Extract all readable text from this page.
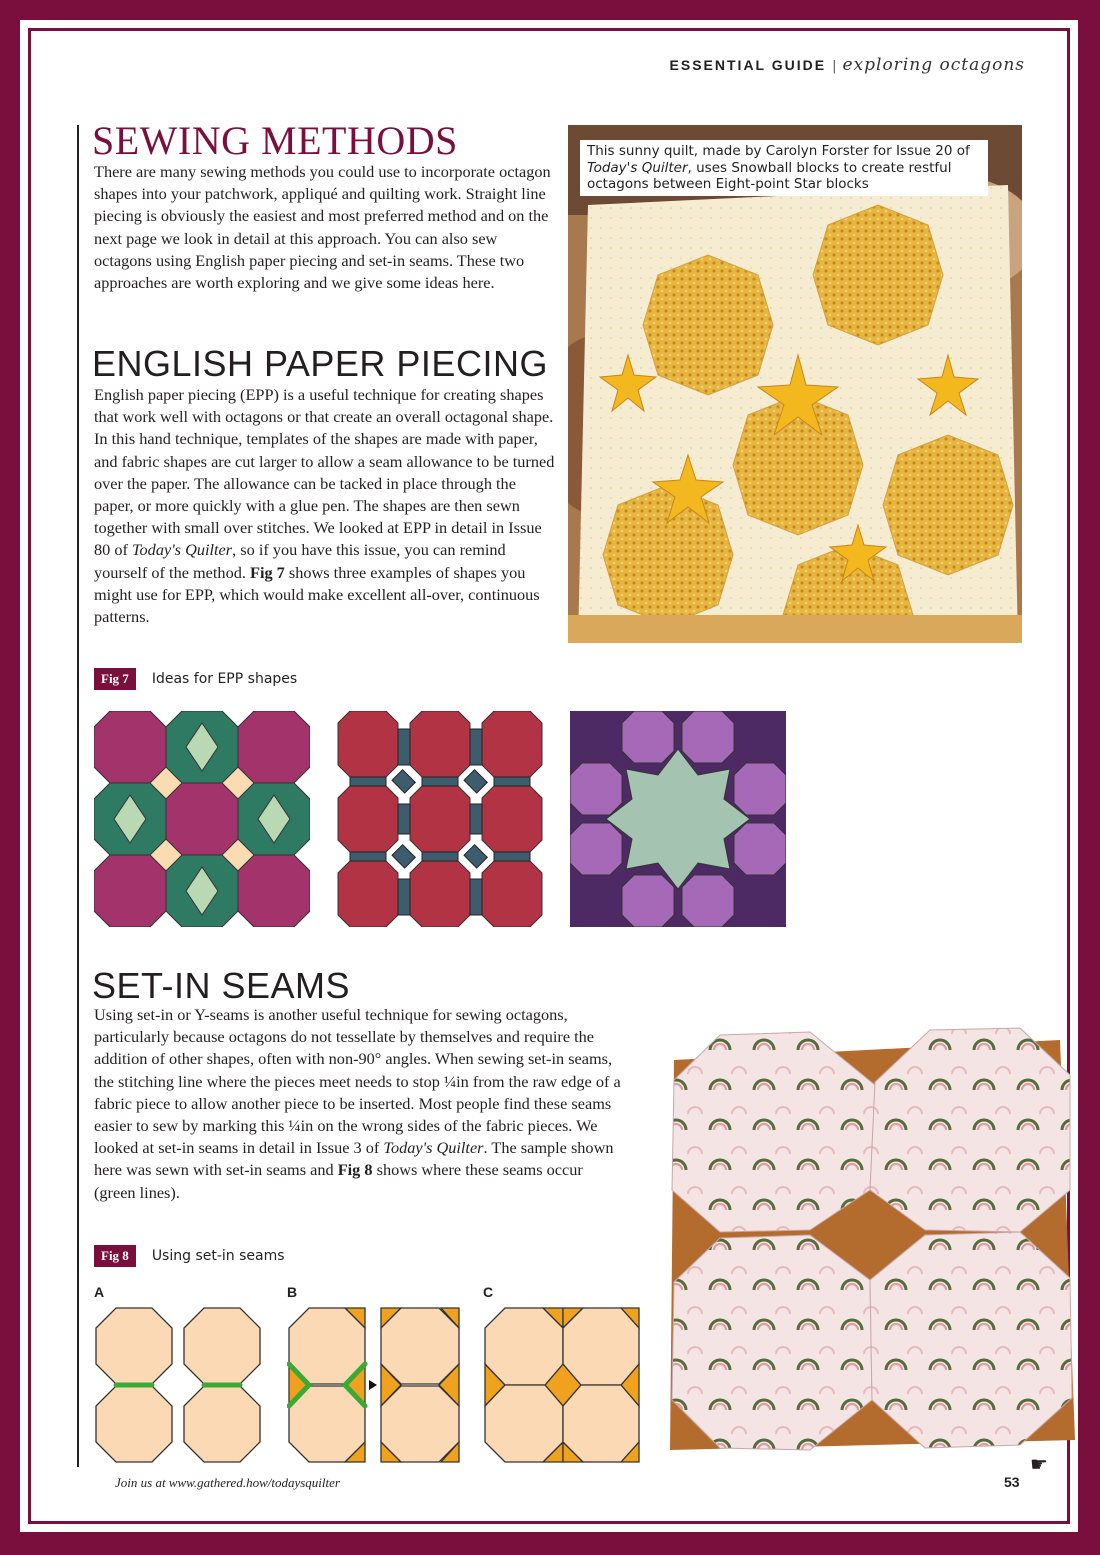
ESSENTIAL GUIDE | exploring octagons
SEWING METHODS
There are many sewing methods you could use to incorporate octagon shapes into your patchwork, appliqué and quilting work. Straight line piecing is obviously the easiest and most preferred method and on the next page we look in detail at this approach. You can also sew octagons using English paper piecing and set-in seams. These two approaches are worth exploring and we give some ideas here.
This sunny quilt, made by Carolyn Forster for Issue 20 of Today's Quilter, uses Snowball blocks to create restful octagons between Eight-point Star blocks
ENGLISH PAPER PIECING
English paper piecing (EPP) is a useful technique for creating shapes that work well with octagons or that create an overall octagonal shape. In this hand technique, templates of the shapes are made with paper, and fabric shapes are cut larger to allow a seam allowance to be turned over the paper. The allowance can be tacked in place through the paper, or more quickly with a glue pen. The shapes are then sewn together with small over stitches. We looked at EPP in detail in Issue 80 of Today's Quilter, so if you have this issue, you can remind yourself of the method. Fig 7 shows three examples of shapes you might use for EPP, which would make excellent all-over, continuous patterns.
Fig 7	Ideas for EPP shapes
SET-IN SEAMS
Using set-in or Y-seams is another useful technique for sewing octagons, particularly because octagons do not tessellate by themselves and require the addition of other shapes, often with non-90° angles. When sewing set-in seams, the stitching line where the pieces meet needs to stop ¼in from the raw edge of a fabric piece to allow another piece to be inserted. Most people find these seams easier to sew by marking this ¼in on the wrong sides of the fabric pieces. We looked at set-in seams in detail in Issue 3 of Today's Quilter. The sample shown here was sewn with set-in seams and Fig 8 shows where these seams occur (green lines).
Fig 8	Using set-in seams
A	B	C
☛
Join us at www.gathered.how/todaysquilter	53
